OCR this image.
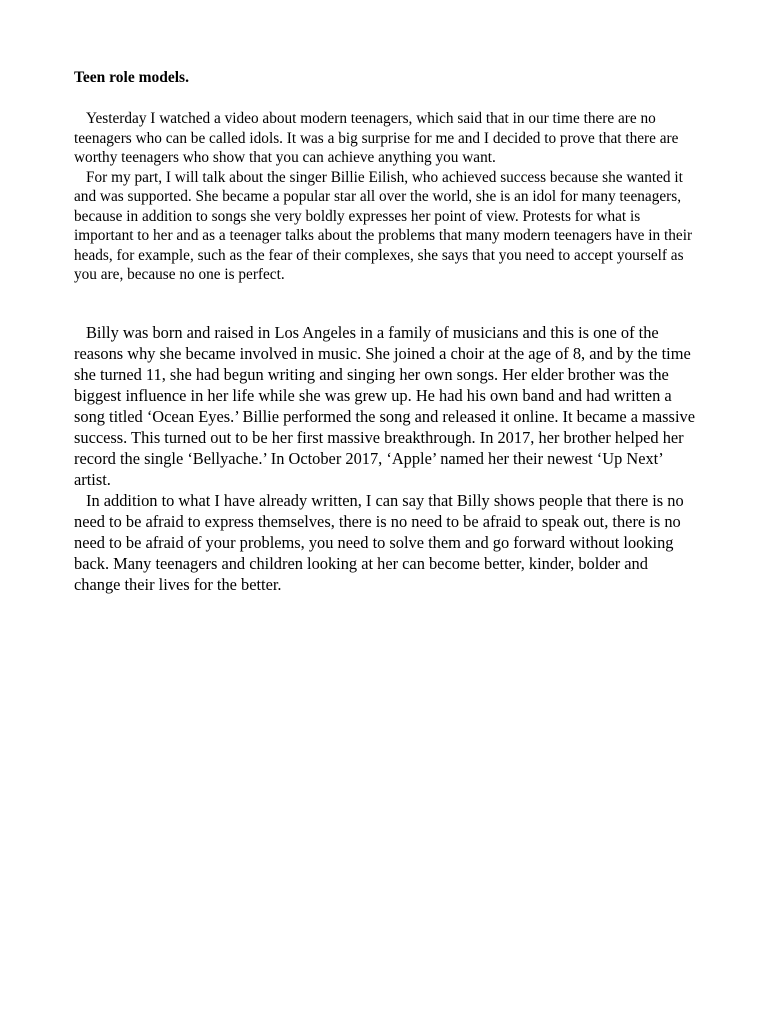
Teen role models.

Yesterday I watched a video about modern teenagers, which said that in our time there are no teenagers who can be called idols. It was a big surprise for me and I decided to prove that there are worthy teenagers who show that you can achieve anything you want.

For my part, I will talk about the singer Billie Eilish, who achieved success because she wanted it and was supported. She became a popular star all over the world, she is an idol for many teenagers, because in addition to songs she very boldly expresses her point of view. Protests for what is important to her and as a teenager talks about the problems that many modern teenagers have in their heads, for example, such as the fear of their complexes, she says that you need to accept yourself as you are, because no one is perfect.

Billy was born and raised in Los Angeles in a family of musicians and this is one of the reasons why she became involved in music. She joined a choir at the age of 8, and by the time she turned 11, she had begun writing and singing her own songs. Her elder brother was the biggest influence in her life while she was grew up. He had his own band and had written a song titled ‘Ocean Eyes.’ Billie performed the song and released it online. It became a massive success. This turned out to be her first massive breakthrough. In 2017, her brother helped her record the single ‘Bellyache.’ In October 2017, ‘Apple’ named her their newest ‘Up Next’ artist.

In addition to what I have already written, I can say that Billy shows people that there is no need to be afraid to express themselves, there is no need to be afraid to speak out, there is no need to be afraid of your problems, you need to solve them and go forward without looking back. Many teenagers and children looking at her can become better, kinder, bolder and change their lives for the better.
